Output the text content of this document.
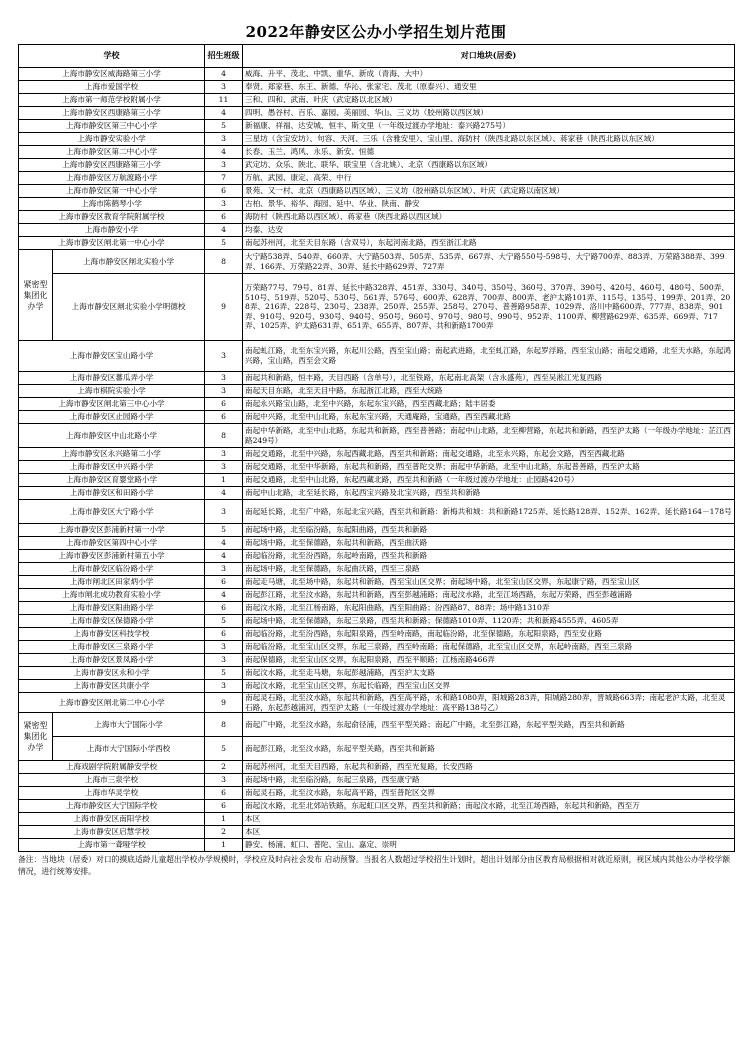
2022年静安区公办小学招生划片范围
学校		招生班级	对口地块(居委)
上海市静安区威海路第三小学		4	威海、升平、茂北、中凯、重华、新成（青海、大中）
上海市爱国学校		3	奉贤、郑家巷、东王、新德、华沁、张家宅、茂北（原泰兴）、通安里
上海市第一师范学校附属小学		11	三和、四和、武南、叶庆（武定路以北区域）
上海市静安区西康路第三小学		4	四明、愚谷村、百乐、嘉园、美丽园、华山、三义坊（胶州路以西区域）
上海市静安区第三中心小学		5	新福康、祥福、达安城、恒丰、斯文里（一年级过渡办学地址：泰兴路275号）
上海市静安实验小学		3	三星坊（含宝安坊）、句容、天河、三乐（含雅安里）、宝山里、海防村（陕西北路以东区域）、蒋家巷（陕西北路以东区域）
上海市静安区第二中心小学		4	长春、玉兰、鸿风、永乐、新安、恒德
上海市静安区西康路第三小学		3	武定坊、众乐、陕北、联华、联宝里（含北姚）、北京（西康路以东区域）
上海市静安区万航渡路小学		7	万航、武园、康定、高荣、中行
上海市静安区第一中心小学		6	景苑、又一村、北京（西康路以西区域）、三义坊（胶州路以东区域）、叶庆（武定路以南区域）
上海市陈鹤琴小学		3	古柏、景华、裕华、海园、延中、华业、陕南、静安
上海市静安区教育学院附属学校		6	海防村（陕西北路以西区域）、蒋家巷（陕西北路以西区域）
上海市静安小学		4	均泰、达安
上海市静安区闸北第一中心小学		5	南起苏州河，北至天目东路（含双号），东起河南北路，西至浙江北路
紧密型集团化办学	上海市静安区闸北实验小学	8	大宁路538弄、540弄、660弄、大宁路503弄、505弄、535弄、667弄、大宁路550号-598号、大宁路700弄、883弄、万荣路388弄、399弄、166弄、万荣路22弄、30弄、延长中路629弄、727弄
	上海市静安区闸北实验小学明德校	9	万荣路77号、79号、81弄、延长中路328弄、451弄、330号、340号、350号、360号、370弄、390号、420号、460号、480号、500弄、510号、519弄、520号、530号、561弄、576号、600弄、628弄、700弄、800弄、老沪太路101弄、115号、135号、199弄、201弄、208弄、216弄、228号、230号、238弄、250弄、255弄、258号、270号、普善路958弄、1029弄、洛川中路600弄、777弄、838弄、901弄、910号、920号、930号、940号、950号、960号、970号、980号、990号、952弄、1100弄、柳营路629弄、635弄、669弄、717弄、1025弄、沪太路631弄、651弄、655弄、807弄、共和新路1700弄
上海市静安区宝山路小学		3	南起虬江路，北至东宝兴路，东起川公路，西至宝山路；南起武进路，北至虬江路，东起罗浮路，西至宝山路；南起交通路，北至天水路，东起鸿兴路，宝山路，西至会文路
上海市静安区蕃瓜弄小学		3	南起共和新路，恒丰路，天目西路（含单号），北至铁路，东起南北高架（含永盛苑），西至吴淞江光复西路
上海市棋院实验小学		3	南起天目东路，北至天目中路，东起浙江北路，西至大统路
上海市静安区闸北第三中心小学		6	南起永兴路宝山路，北至中兴路，东起东宝兴路，西至西藏北路；陆丰居委
上海市静安区止园路小学		6	南起中兴路，北至中山北路，东起东宝兴路，天通庵路，宝通路，西至西藏北路
上海市静安区中山北路小学		8	南起中华新路，北至中山北路，东起共和新路，西至普善路；南起中山北路，北至柳营路，东起共和新路，西至沪太路（一年级办学地址：芷江西路249号）
上海市静安区永兴路第二小学		3	南起交通路，北至中兴路，东起西藏北路，西至共和新路；南起交通路，北至永兴路，东起会文路，西至西藏北路
上海市静安区中兴路小学		3	南起交通路，北至中华新路，东起共和新路，西至普陀交界；南起中华新路，北至中山北路，东起普善路，西至沪太路
上海市静安区育婴堂路小学		1	南起交通路，北至中山北路，东起西藏北路，西至共和新路（一年级过渡办学地址：止园路420号）
上海市静安区和田路小学		4	南起中山北路，北至延长路，东起西宝兴路及北宝兴路，西至共和新路
上海市静安区大宁路小学		3	南起延长路，北至广中路，东起北宝兴路，西至共和新路：新梅共和城：共和新路1725弄、延长路128弄、152弄、162弄、延长路164－178号
上海市静安区彭浦新村第一小学		5	南起场中路，北至临汾路，东起阳曲路，西至共和新路
上海市静安区第四中心小学		4	南起场中路，北至保德路，东起共和新路，西至曲沃路
上海市静安区彭浦新村第五小学		4	南起临汾路，北至汾西路，东起岭南路，西至共和新路
上海市静安区临汾路小学		3	南起场中路，北至保德路，东起曲沃路，西至三泉路
上海市闸北区田家炳小学		6	南起走马塘，北至场中路，东起共和新路，西至宝山区交界；南起场中路，北至宝山区交界，东起康宁路，西至宝山区
上海市闸北成功教育实验小学		4	南起彭江路，北至汶水路，东起共和新路，西至彭越浦路；南起汶水路，北至江场西路，东起万荣路，西至彭越浦路
上海市静安区阳曲路小学		6	南起汶水路，北至江杨南路，东起阳曲路，西至阳曲路；汾西路87、88弄；场中路1310弄
上海市静安区保德路小学		5	南起场中路，北至保德路，东起三泉路，西至共和新路；保德路1010弄、1120弄；共和新路4555弄、4605弄
上海市静安区科技学校		6	南起临汾路，北至汾西路，东起阳泉路，西至岭南路，南起临汾路，北至保德路，东起阳泉路，西至安业路
上海市静安区三泉路小学		3	南起临汾路，北至宝山区交界，东起三泉路，西至岭南路；南起保德路，北至宝山区交界，东起岭南路，西至三泉路
上海市静安区景凤路小学		3	南起保德路，北至宝山区交界，东起阳泉路，西至平顺路；江杨南路466弄
上海市静安区永和小学		5	南起汶水路，北至走马塘，东起彭越浦路，西至沪太支路
上海市静安区共康小学		3	南起汶水路，北至宝山区交界，东起长临路，西至宝山区交界
上海市静安区闸北第二中心小学		9	南起灵石路，北至汶水路，东起共和新路，西至高平路，永和路1080弄，阳城路283弄，阳城路280弄，晋城路663弄；南起老沪太路，北至灵石路，东起彭越浦河，西至沪太路（一年级过渡办学地址：高平路138号乙）
紧密型集团化办学	上海市大宁国际小学	8	南起广中路，北至汶水路，东起俞径浦，西至平型关路；南起广中路，北至彭江路，东起平型关路，西至共和新路
	上海市大宁国际小学西校	5	南起彭江路，北至汶水路，东起平型关路，西至共和新路
上海戏剧学院附属静安学校		2	南起苏州河，北至天目西路，东起共和新路，西至光复路，长安西路
上海市三泉学校		3	南起场中路，北至临汾路，东起三泉路，西至康宁路
上海市华灵学校		6	南起灵石路，北至汶水路，东起高平路，西至普陀区交界
上海市静安区大宁国际学校		6	南起汶水路，北至北郊站铁路，东起虹口区交界，西至共和新路；南起汶水路，北至江场西路，东起共和新路，西至万
上海市静安区南阳学校		1	本区
上海市静安区启慧学校		2	本区
上海市第一聋哑学校		1	静安、杨浦、虹口、普陀、宝山、嘉定、崇明
备注：当地块（居委）对口的摸底适龄儿童超出学校办学规模时，学校应及时向社会发布 启动预警。当报名人数超过学校招生计划时，超出计划部分由区教育局根据相对就近原则，视区域内其他公办学校学额情况，进行统筹安排。
